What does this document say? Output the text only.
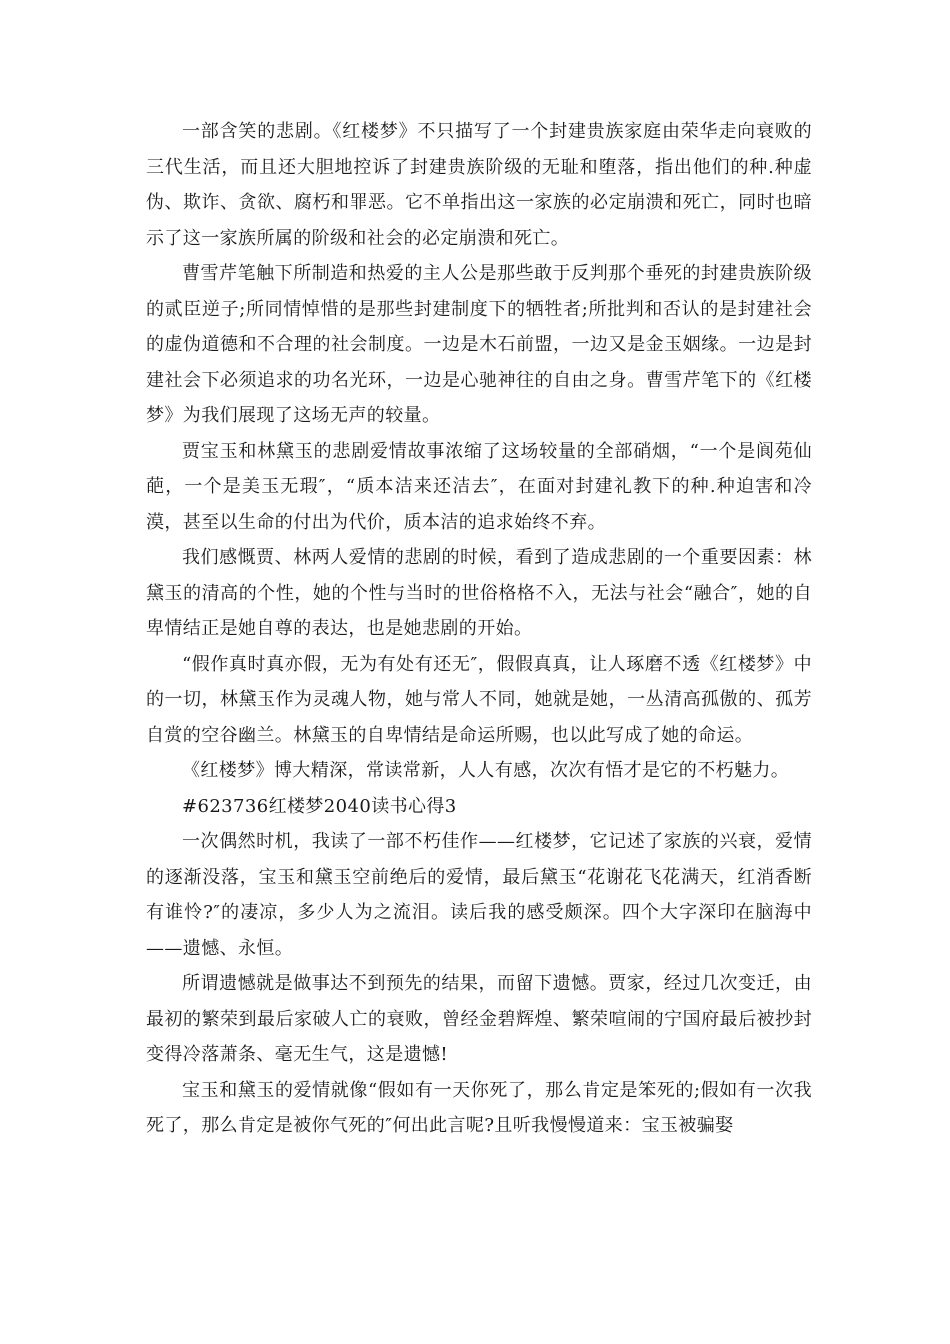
一部含笑的悲剧。《红楼梦》不只描写了一个封建贵族家庭由荣华走向衰败的三代生活，而且还大胆地控诉了封建贵族阶级的无耻和堕落，指出他们的种.种虚伪、欺诈、贪欲、腐朽和罪恶。它不单指出这一家族的必定崩溃和死亡，同时也暗示了这一家族所属的阶级和社会的必定崩溃和死亡。

曹雪芹笔触下所制造和热爱的主人公是那些敢于反判那个垂死的封建贵族阶级的贰臣逆子;所同情悼惜的是那些封建制度下的牺牲者;所批判和否认的是封建社会的虚伪道德和不合理的社会制度。一边是木石前盟，一边又是金玉姻缘。一边是封建社会下必须追求的功名光环，一边是心驰神往的自由之身。曹雪芹笔下的《红楼梦》为我们展现了这场无声的较量。

贾宝玉和林黛玉的悲剧爱情故事浓缩了这场较量的全部硝烟，“一个是阆苑仙葩，一个是美玉无瑕″，“质本洁来还洁去″，在面对封建礼教下的种.种迫害和冷漠，甚至以生命的付出为代价，质本洁的追求始终不弃。

我们感慨贾、林两人爱情的悲剧的时候，看到了造成悲剧的一个重要因素：林黛玉的清高的个性，她的个性与当时的世俗格格不入，无法与社会“融合″，她的自卑情结正是她自尊的表达，也是她悲剧的开始。

“假作真时真亦假，无为有处有还无″，假假真真，让人琢磨不透《红楼梦》中的一切，林黛玉作为灵魂人物，她与常人不同，她就是她，一丛清高孤傲的、孤芳自赏的空谷幽兰。林黛玉的自卑情结是命运所赐，也以此写成了她的命运。

《红楼梦》博大精深，常读常新，人人有感，次次有悟才是它的不朽魅力。

#623736红楼梦2040读书心得3

一次偶然时机，我读了一部不朽佳作——红楼梦，它记述了家族的兴衰，爱情的逐渐没落，宝玉和黛玉空前绝后的爱情，最后黛玉“花谢花飞花满天，红消香断有谁怜?″的凄凉，多少人为之流泪。读后我的感受颇深。四个大字深印在脑海中——遗憾、永恒。

所谓遗憾就是做事达不到预先的结果，而留下遗憾。贾家，经过几次变迁，由最初的繁荣到最后家破人亡的衰败，曾经金碧辉煌、繁荣喧闹的宁国府最后被抄封变得冷落萧条、毫无生气，这是遗憾!

宝玉和黛玉的爱情就像“假如有一天你死了，那么肯定是笨死的;假如有一次我死了，那么肯定是被你气死的″何出此言呢?且听我慢慢道来：宝玉被骗娶
